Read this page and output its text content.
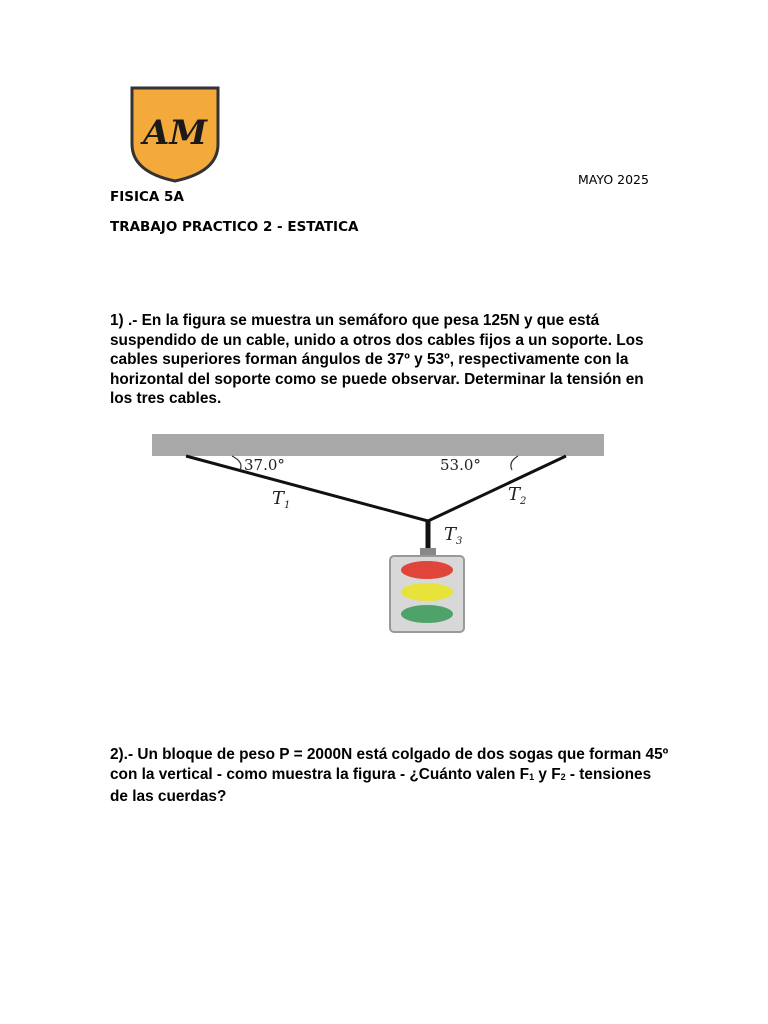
AM
MAYO 2025
FISICA 5A
TRABAJO PRACTICO 2 - ESTATICA
1) .- En la figura se muestra un semáforo que pesa 125N y que está suspendido de un cable, unido a otros dos cables fijos a un soporte. Los cables superiores forman ángulos de 37º y 53º, respectivamente con la horizontal del soporte como se puede observar. Determinar la tensión en los tres cables.
37.0°	53.0°
$T_1$
$T_2$
$T_3$
2).- Un bloque de peso P = 2000N está colgado de dos sogas que forman 45º con la vertical - como muestra la figura - ¿Cuánto valen $F_1$ y $F_2$ - tensiones de las cuerdas?
